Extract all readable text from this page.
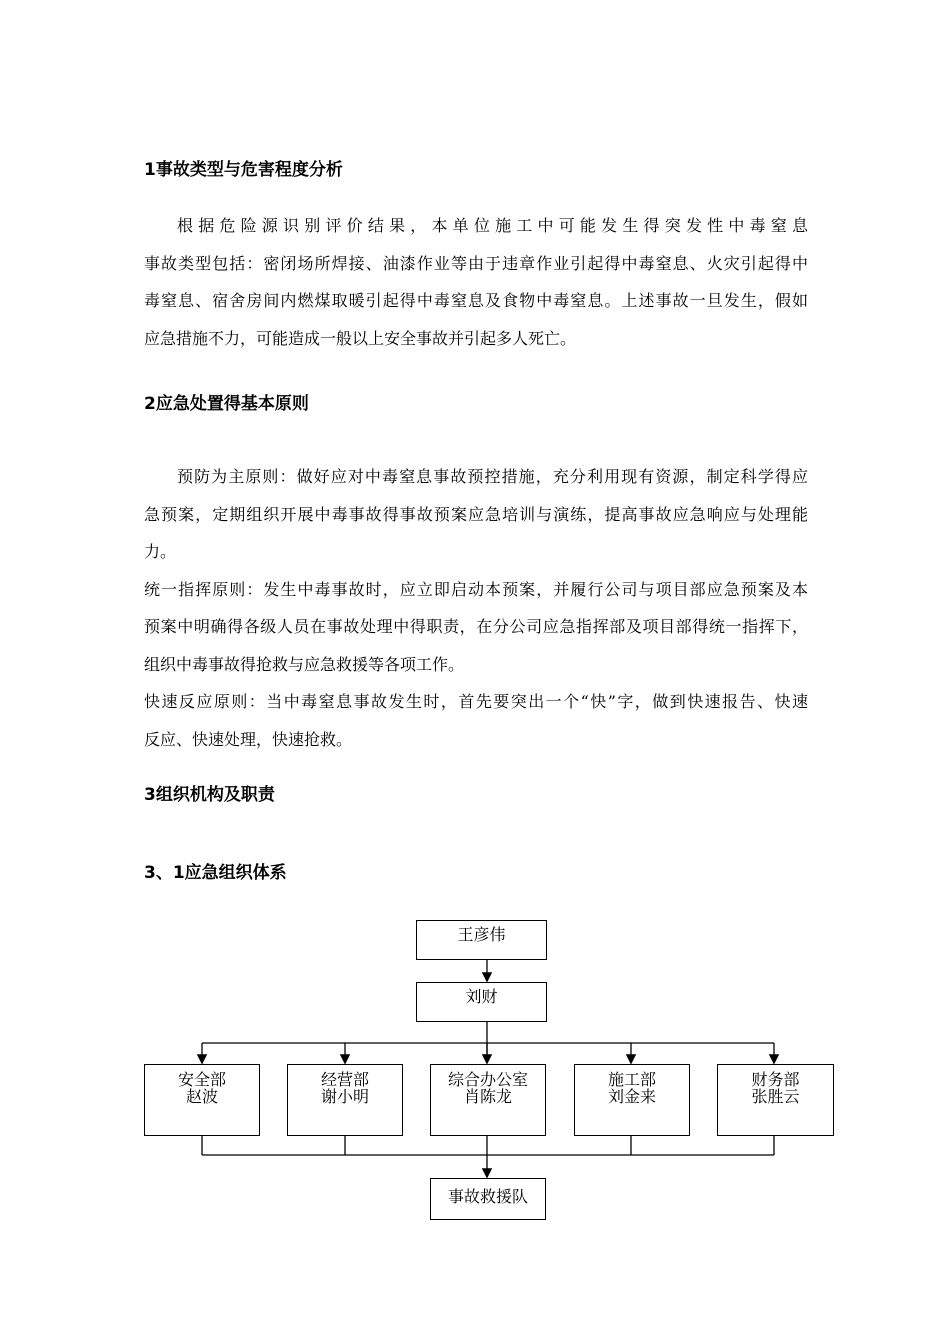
1事故类型与危害程度分析
根据危险源识别评价结果，本单位施工中可能发生得突发性中毒窒息
事故类型包括：密闭场所焊接、油漆作业等由于违章作业引起得中毒窒息、火灾引起得中
毒窒息、宿舍房间内燃煤取暖引起得中毒窒息及食物中毒窒息。上述事故一旦发生，假如
应急措施不力，可能造成一般以上安全事故并引起多人死亡。
2应急处置得基本原则
预防为主原则：做好应对中毒窒息事故预控措施，充分利用现有资源，制定科学得应
急预案，定期组织开展中毒事故得事故预案应急培训与演练，提高事故应急响应与处理能
力。
统一指挥原则：发生中毒事故时，应立即启动本预案，并履行公司与项目部应急预案及本
预案中明确得各级人员在事故处理中得职责，在分公司应急指挥部及项目部得统一指挥下，
组织中毒事故得抢救与应急救援等各项工作。
快速反应原则：当中毒窒息事故发生时，首先要突出一个“快”字，做到快速报告、快速
反应、快速处理，快速抢救。
3组织机构及职责
3、1应急组织体系
王彦伟
刘财
安全部
赵波
经营部
谢小明
综合办公室
肖陈龙
施工部
刘金来
财务部
张胜云
事故救援队
